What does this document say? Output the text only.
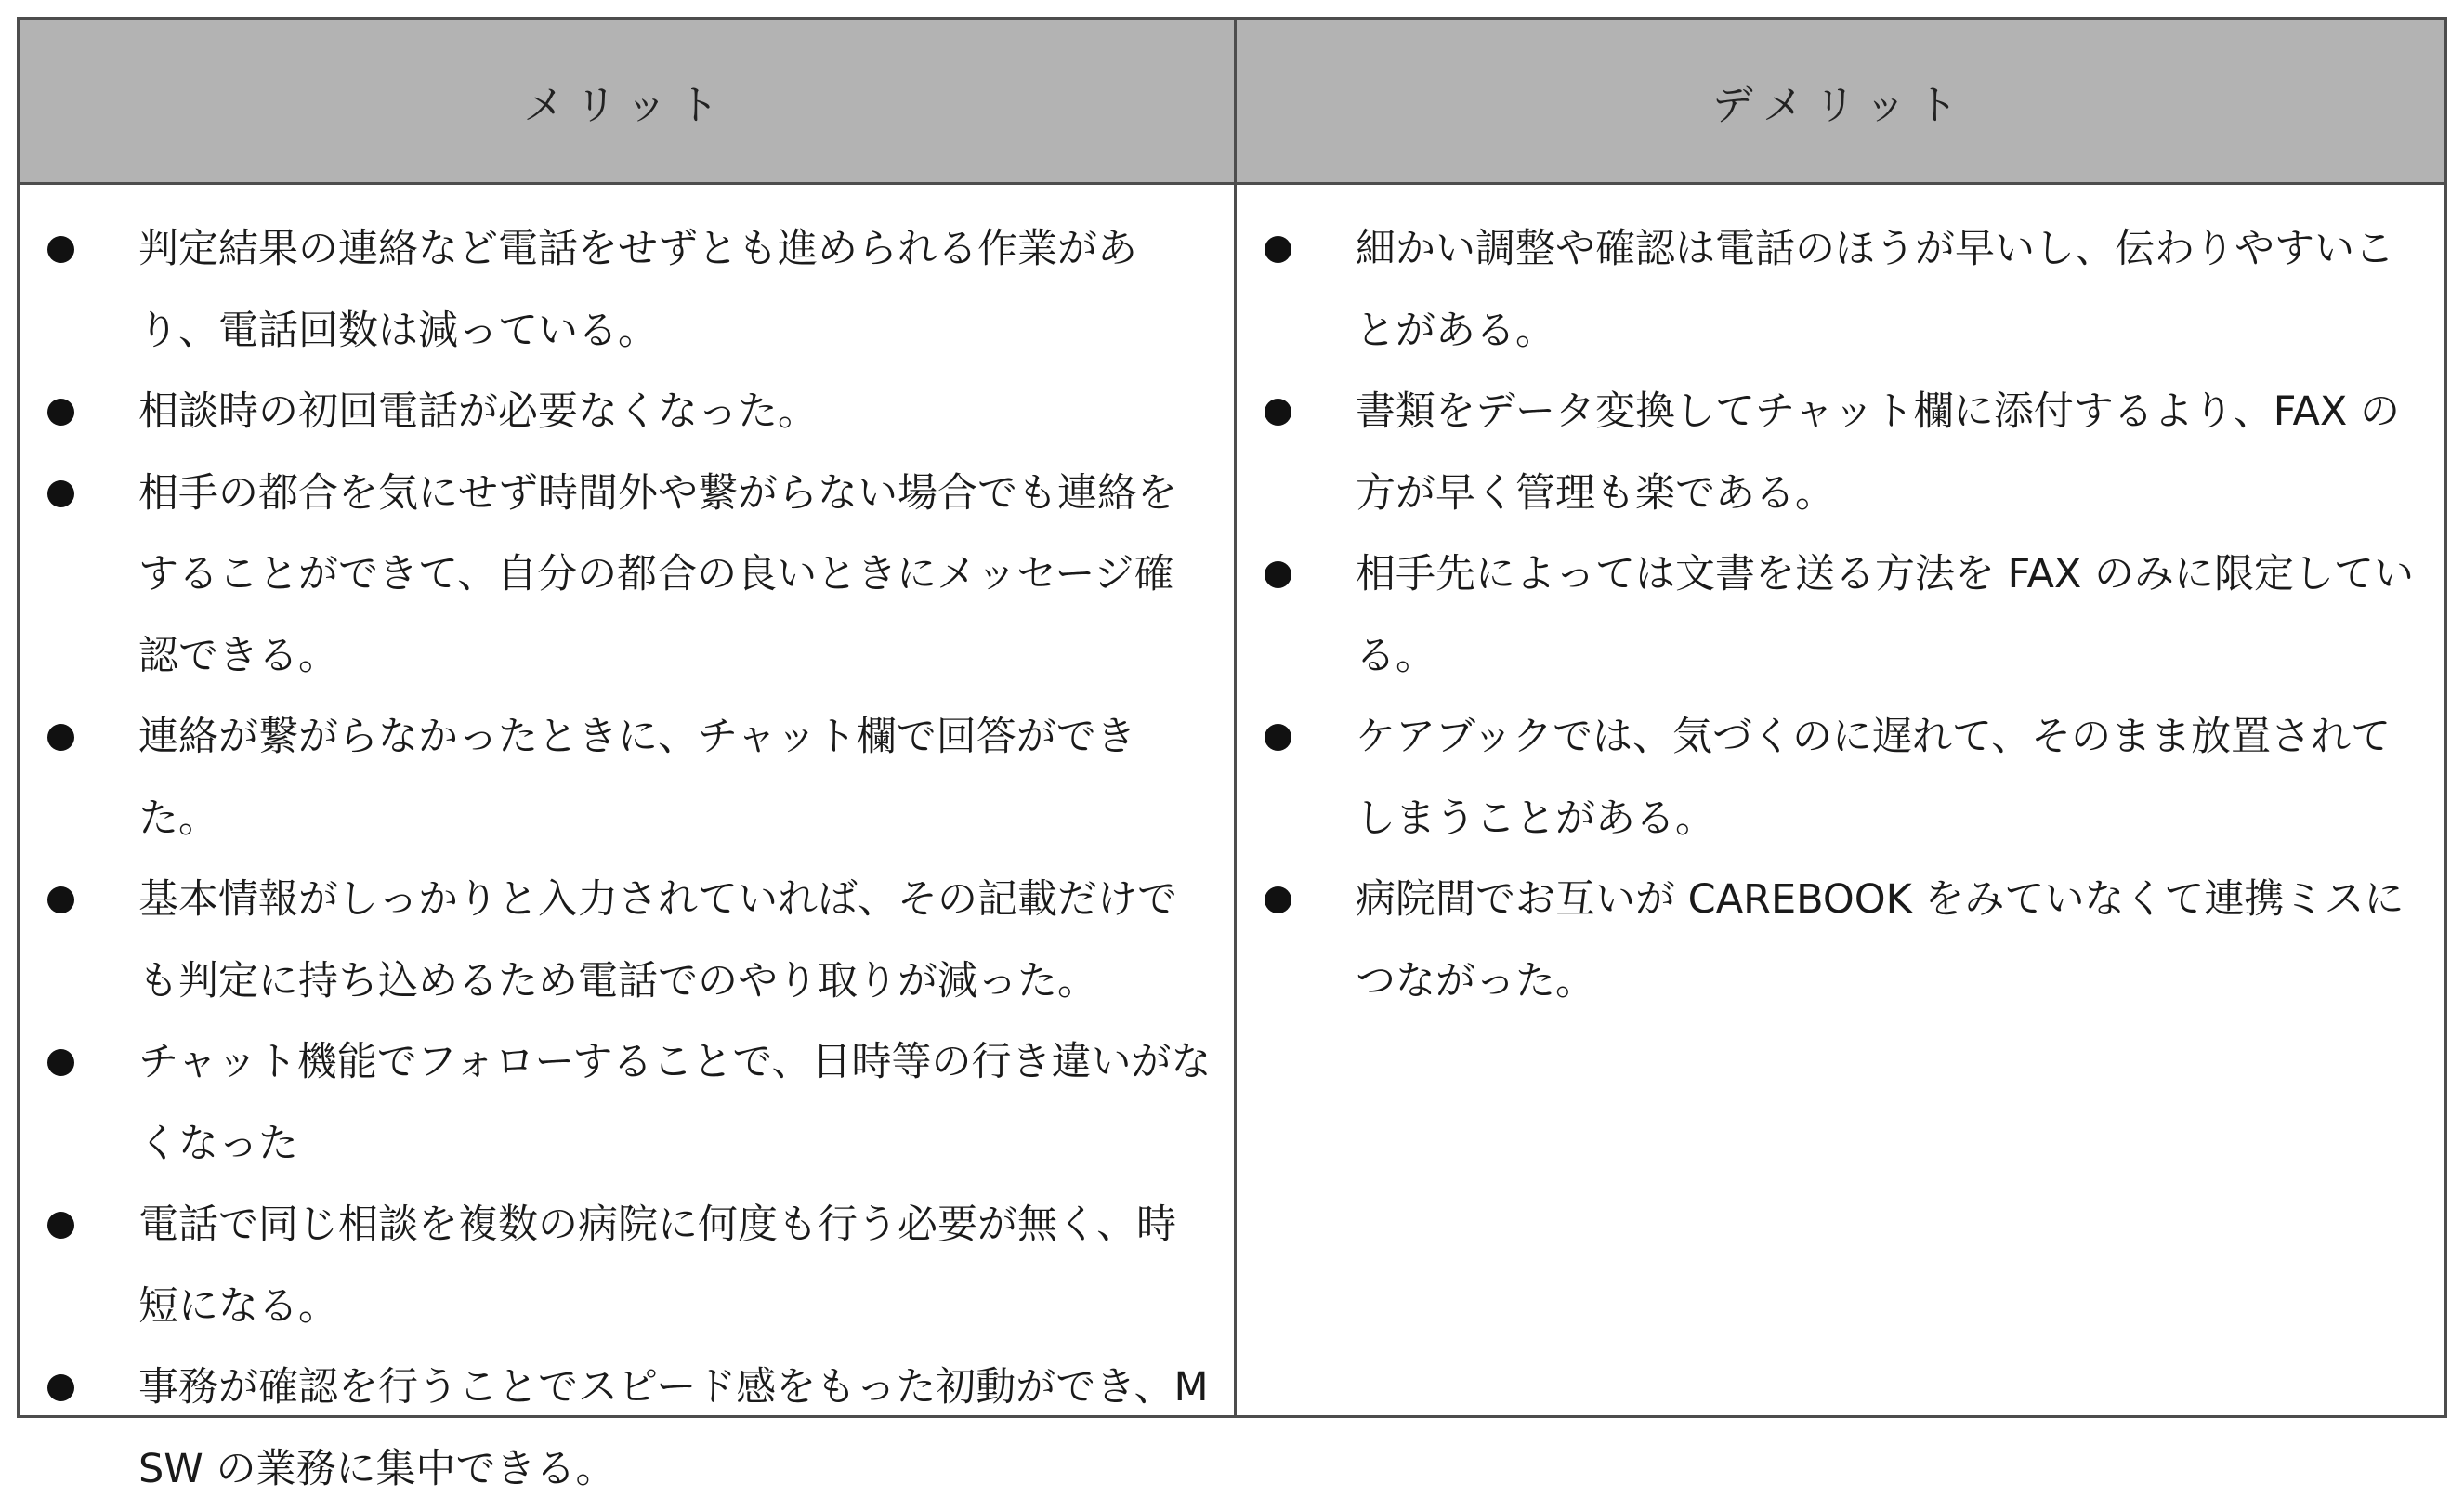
メリット	デメリット
判定結果の連絡など電話をせずとも進められる作業があり、電話回数は減っている。
相談時の初回電話が必要なくなった。
相手の都合を気にせず時間外や繋がらない場合でも連絡をすることができて、自分の都合の良いときにメッセージ確認できる。
連絡が繋がらなかったときに、チャット欄で回答ができた。
基本情報がしっかりと入力されていれば、その記載だけでも判定に持ち込めるため電話でのやり取りが減った。
チャット機能でフォローすることで、日時等の行き違いがなくなった
電話で同じ相談を複数の病院に何度も行う必要が無く、時短になる。
事務が確認を行うことでスピード感をもった初動ができ、MSW の業務に集中できる。
細かい調整や確認は電話のほうが早いし、伝わりやすいことがある。
書類をデータ変換してチャット欄に添付するより、FAX の方が早く管理も楽である。
相手先によっては文書を送る方法を FAX のみに限定している。
ケアブックでは、気づくのに遅れて、そのまま放置されてしまうことがある。
病院間でお互いが CAREBOOK をみていなくて連携ミスにつながった。
